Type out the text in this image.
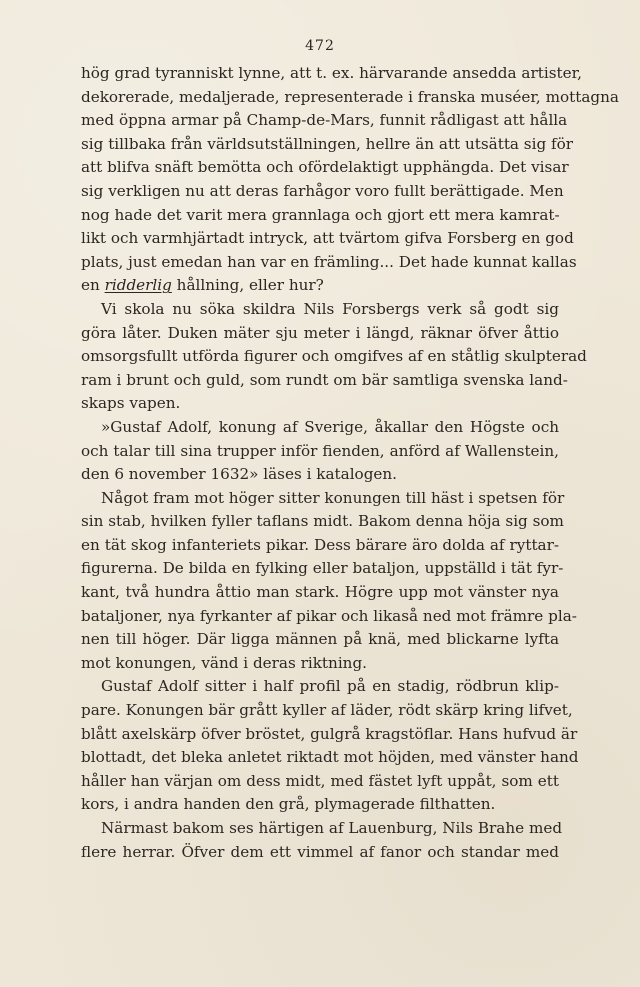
472
hög grad tyranniskt lynne, att t. ex. härvarande ansedda artister,
dekorerade, medaljerade, representerade i franska muséer, mottagna
med öppna armar på Champ-de-Mars, funnit rådligast att hålla
sig tillbaka från världsutställningen, hellre än att utsätta sig för
att blifva snäft bemötta och ofördelaktigt upphängda. Det visar
sig verkligen nu att deras farhågor voro fullt berättigade. Men
nog hade det varit mera grannlaga och gjort ett mera kamrat-
likt och varmhjärtadt intryck, att tvärtom gifva Forsberg en god
plats, just emedan han var en främling... Det hade kunnat kallas
en ridderlig hållning, eller hur?
Vi skola nu söka skildra Nils Forsbergs verk så godt sig
göra låter. Duken mäter sju meter i längd, räknar öfver åttio
omsorgsfullt utförda figurer och omgifves af en ståtlig skulpterad
ram i brunt och guld, som rundt om bär samtliga svenska land-
skaps vapen.
»Gustaf Adolf, konung af Sverige, åkallar den Högste och
och talar till sina trupper inför fienden, anförd af Wallenstein,
den 6 november 1632» läses i katalogen.
Något fram mot höger sitter konungen till häst i spetsen för
sin stab, hvilken fyller taflans midt. Bakom denna höja sig som
en tät skog infanteriets pikar. Dess bärare äro dolda af ryttar-
figurerna. De bilda en fylking eller bataljon, uppställd i tät fyr-
kant, två hundra åttio man stark. Högre upp mot vänster nya
bataljoner, nya fyrkanter af pikar och likaså ned mot främre pla-
nen till höger. Där ligga männen på knä, med blickarne lyfta
mot konungen, vänd i deras riktning.
Gustaf Adolf sitter i half profil på en stadig, rödbrun klip-
pare. Konungen bär grått kyller af läder, rödt skärp kring lifvet,
blått axelskärp öfver bröstet, gulgrå kragstöflar. Hans hufvud är
blottadt, det bleka anletet riktadt mot höjden, med vänster hand
håller han värjan om dess midt, med fästet lyft uppåt, som ett
kors, i andra handen den grå, plymagerade filthatten.
Närmast bakom ses härtigen af Lauenburg, Nils Brahe med
flere herrar. Öfver dem ett vimmel af fanor och standar med
